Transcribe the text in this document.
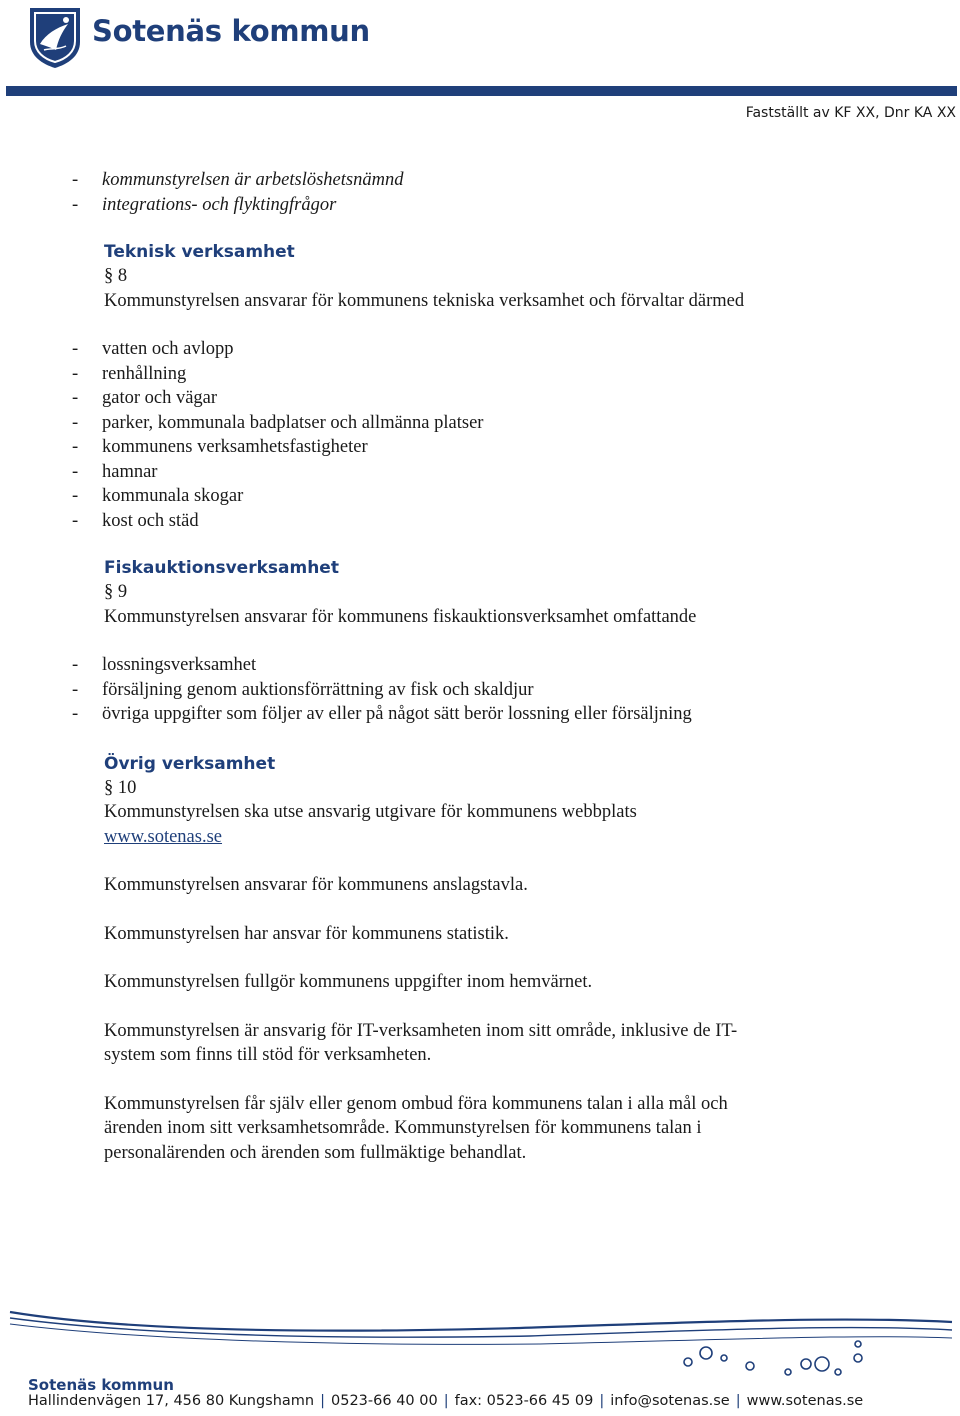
Sotenäs kommun
Fastställt av KF XX, Dnr KA XX
-	kommunstyrelsen är arbetslöshetsnämnd
-	integrations- och flyktingfrågor
Teknisk verksamhet
§ 8
Kommunstyrelsen ansvarar för kommunens tekniska verksamhet och förvaltar därmed
-	vatten och avlopp
-	renhållning
-	gator och vägar
-	parker, kommunala badplatser och allmänna platser
-	kommunens verksamhetsfastigheter
-	hamnar
-	kommunala skogar
-	kost och städ
Fiskauktionsverksamhet
§ 9
Kommunstyrelsen ansvarar för kommunens fiskauktionsverksamhet omfattande
-	lossningsverksamhet
-	försäljning genom auktionsförrättning av fisk och skaldjur
-	övriga uppgifter som följer av eller på något sätt berör lossning eller försäljning
Övrig verksamhet
§ 10
Kommunstyrelsen ska utse ansvarig utgivare för kommunens webbplats
www.sotenas.se

Kommunstyrelsen ansvarar för kommunens anslagstavla.

Kommunstyrelsen har ansvar för kommunens statistik.

Kommunstyrelsen fullgör kommunens uppgifter inom hemvärnet.

Kommunstyrelsen är ansvarig för IT-verksamheten inom sitt område, inklusive de IT-
system som finns till stöd för verksamheten.

Kommunstyrelsen får själv eller genom ombud föra kommunens talan i alla mål och
ärenden inom sitt verksamhetsområde. Kommunstyrelsen för kommunens talan i
personalärenden och ärenden som fullmäktige behandlat.

Sotenäs kommun
Hallindenvägen 17, 456 80 Kungshamn | 0523-66 40 00 | fax: 0523-66 45 09 | info@sotenas.se | www.sotenas.se
